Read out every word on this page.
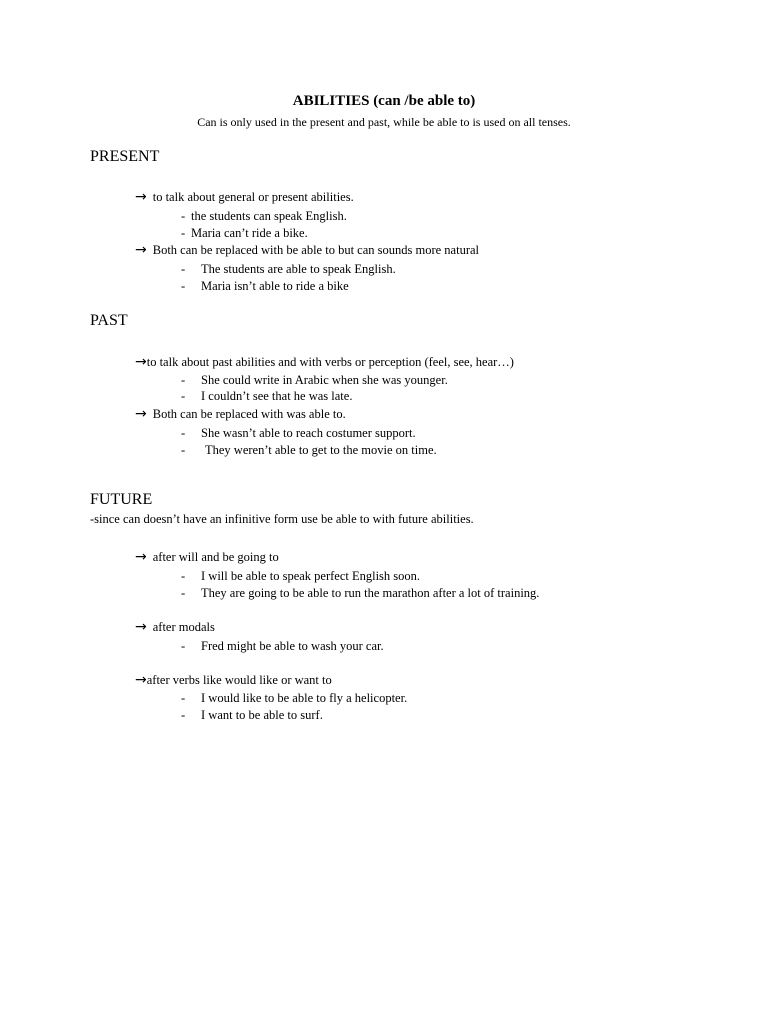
ABILITIES (can /be able to)
Can is only used in the present and past, while be able to is used on all tenses.
PRESENT
→ to talk about general or present abilities.
- the students can speak English.
- Maria can’t ride a bike.
→ Both can be replaced with be able to but can sounds more natural
- The students are able to speak English.
- Maria isn’t able to ride a bike
PAST
→to talk about past abilities and with verbs or perception (feel, see, hear…)
- She could write in Arabic when she was younger.
- I couldn’t see that he was late.
→ Both can be replaced with was able to.
- She wasn’t able to reach costumer support.
- They weren’t able to get to the movie on time.
FUTURE
-since can doesn’t have an infinitive form use be able to with future abilities.
→ after will and be going to
- I will be able to speak perfect English soon.
- They are going to be able to run the marathon after a lot of training.
→ after modals
- Fred might be able to wash your car.
→after verbs like would like or want to
- I would like to be able to fly a helicopter.
- I want to be able to surf.
